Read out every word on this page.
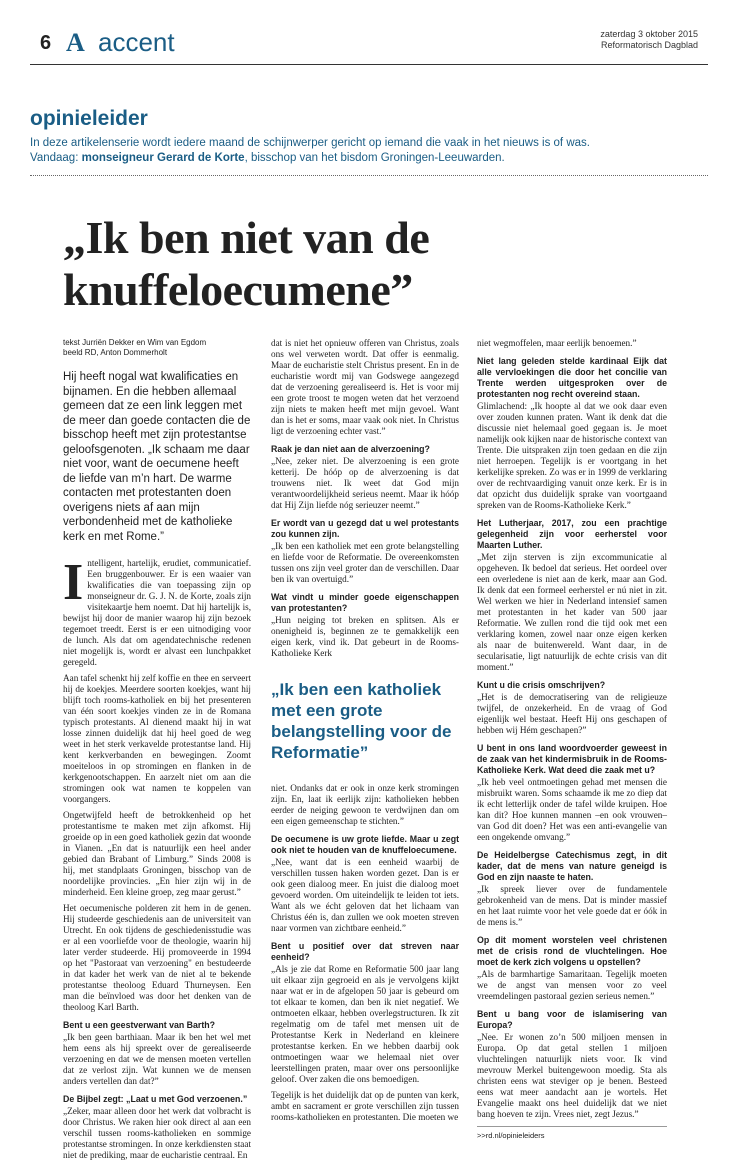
6 A accent	zaterdag 3 oktober 2015
Reformatorisch Dagblad
opinieleider
In deze artikelenserie wordt iedere maand de schijnwerper gericht op iemand die vaak in het nieuws is of was.
Vandaag: monseigneur Gerard de Korte, bisschop van het bisdom Groningen-Leeuwarden.
„Ik ben niet van de knuffeloecumene”
tekst Jurriën Dekker en Wim van Egdom
beeld RD, Anton Dommerholt
Hij heeft nogal wat kwalificaties en bijnamen. En die hebben allemaal gemeen dat ze een link leggen met de meer dan goede contacten die de bisschop heeft met zijn protestantse geloofsgenoten. „Ik schaam me daar niet voor, want de oecumene heeft de liefde van m’n hart. De warme contacten met protestanten doen overigens niets af aan mijn verbondenheid met de katholieke kerk en met Rome.”

Intelligent, hartelijk, erudiet, communicatief. Een bruggenbouwer. Er is een waaier van kwalificaties die van toepassing zijn op monseigneur dr. G. J. N. de Korte, zoals zijn visitekaartje hem noemt. Dat hij hartelijk is, bewijst hij door de manier waarop hij zijn bezoek tegemoet treedt. Eerst is er een uitnodiging voor de lunch. Als dat om agendatechnische redenen niet mogelijk is, wordt er alvast een lunchpakket geregeld.

Aan tafel schenkt hij zelf koffie en thee en serveert hij de koekjes. Meerdere soorten koekjes, want hij blijft toch rooms-katholiek en bij het presenteren van één soort koekjes vinden ze in de Romana typisch protestants. Al dienend maakt hij in wat losse zinnen duidelijk dat hij heel goed de weg weet in het sterk verkavelde protestantse land. Hij kent kerkverbanden en bewegingen. Zoomt moeiteloos in op stromingen en flanken in de kerkgenootschappen. En aarzelt niet om aan die stromingen ook wat namen te koppelen van voorgangers.

Ongetwijfeld heeft de betrokkenheid op het protestantisme te maken met zijn afkomst. Hij groeide op in een goed katholiek gezin dat woonde in Vianen. „En dat is natuurlijk een heel ander gebied dan Brabant of Limburg.” Sinds 2008 is hij, met standplaats Groningen, bisschop van de noordelijke provincies. „En hier zijn wij in de minderheid. Een kleine groep, zeg maar gerust.”

Het oecumenische polderen zit hem in de genen. Hij studeerde geschiedenis aan de universiteit van Utrecht. En ook tijdens de geschiedenisstudie was er al een voorliefde voor de theologie, waarin hij later verder studeerde. Hij promoveerde in 1994 op het "Pastoraat van verzoening" en bestudeerde in dat kader het werk van de niet al te bekende protestantse theoloog Eduard Thurneysen. Een man die beïnvloed was door het denken van de theoloog Karl Barth.

Bent u een geestverwant van Barth?

„Ik ben geen barthiaan. Maar ik ben het wel met hem eens als hij spreekt over de gerealiseerde verzoening en dat we de mensen moeten vertellen dat ze verlost zijn. Wat kunnen we de mensen anders vertellen dan dat?”

De Bijbel zegt: „Laat u met God verzoenen.”

„Zeker, maar alleen door het werk dat volbracht is door Christus. We raken hier ook direct al aan een verschil tussen rooms-katholieken en sommige protestantse stromingen. In onze kerkdiensten staat niet de prediking, maar de eucharistie centraal. En

dat is niet het opnieuw offeren van Christus, zoals ons wel verweten wordt. Dat offer is eenmalig. Maar de eucharistie stelt Christus present. En in de eucharistie wordt mij van Godswege aangezegd dat de verzoening gerealiseerd is. Het is voor mij een grote troost te mogen weten dat het verzoend zijn niets te maken heeft met mijn gevoel. Want dan is het er soms, maar vaak ook niet. In Christus ligt de verzoening echter vast.”

Raak je dan niet aan de alverzoening?

„Nee, zeker niet. De alverzoening is een grote ketterij. De hóóp op de alverzoening is dat trouwens niet. Ik weet dat God mijn verantwoordelijkheid serieus neemt. Maar ik hóóp dat Hij Zijn liefde nóg serieuzer neemt.”

Er wordt van u gezegd dat u wel protestants zou kunnen zijn.

„Ik ben een katholiek met een grote belangstelling en liefde voor de Reformatie. De overeenkomsten tussen ons zijn veel groter dan de verschillen. Daar ben ik van overtuigd.”

Wat vindt u minder goede eigenschappen van protestanten?

„Hun neiging tot breken en splitsen. Als er onenigheid is, beginnen ze te gemakkelijk een eigen kerk, vind ik. Dat gebeurt in de Rooms-Katholieke Kerk

„Ik ben een katholiek met een grote belangstelling voor de Reformatie”

niet. Ondanks dat er ook in onze kerk stromingen zijn. En, laat ik eerlijk zijn: katholieken hebben eerder de neiging gewoon te verdwijnen dan om een eigen gemeenschap te stichten.”

De oecumene is uw grote liefde. Maar u zegt ook niet te houden van de knuffeloecumene.

„Nee, want dat is een eenheid waarbij de verschillen tussen haken worden gezet. Dan is er ook geen dialoog meer. En juist die dialoog moet gevoerd worden. Om uiteindelijk te leiden tot iets. Want als we écht geloven dat het lichaam van Christus één is, dan zullen we ook moeten streven naar vormen van zichtbare eenheid.”

Bent u positief over dat streven naar eenheid?

„Als je zie dat Rome en Reformatie 500 jaar lang uit elkaar zijn gegroeid en als je vervolgens kijkt naar wat er in de afgelopen 50 jaar is gebeurd om tot elkaar te komen, dan ben ik niet negatief. We ontmoeten elkaar, hebben overlegstructuren. Ik zit regelmatig om de tafel met mensen uit de Protestantse Kerk in Nederland en kleinere protestantse kerken. En we hebben daarbij ook ontmoetingen waar we helemaal niet over leerstellingen praten, maar over ons persoonlijke geloof. Over zaken die ons bemoedigen.

Tegelijk is het duidelijk dat op de punten van kerk, ambt en sacrament er grote verschillen zijn tussen rooms-katholieken en protestanten. Die moeten we

niet wegmoffelen, maar eerlijk benoemen.”

Niet lang geleden stelde kardinaal Eijk dat alle vervloekingen die door het concilie van Trente werden uitgesproken over de protestanten nog recht overeind staan.

Glimlachend: „Ik hoopte al dat we ook daar even over zouden kunnen praten. Want ik denk dat die discussie niet helemaal goed gegaan is. Je moet namelijk ook kijken naar de historische context van Trente. Die uitspraken zijn toen gedaan en die zijn niet herroepen. Tegelijk is er voortgang in het kerkelijke spreken. Zo was er in 1999 de verklaring over de rechtvaardiging vanuit onze kerk. Er is in dat opzicht dus duidelijk sprake van voortgaand spreken van de Rooms-Katholieke Kerk.”

Het Lutherjaar, 2017, zou een prachtige gelegenheid zijn voor eerherstel voor Maarten Luther.

„Met zijn sterven is zijn excommunicatie al opgeheven. Ik bedoel dat serieus. Het oordeel over een overledene is niet aan de kerk, maar aan God. Ik denk dat een formeel eerherstel er nú niet in zit. Wel werken we hier in Nederland intensief samen met protestanten in het kader van 500 jaar Reformatie. We zullen rond die tijd ook met een verklaring komen, zowel naar onze eigen kerken als naar de buitenwereld. Want daar, in de secularisatie, ligt natuurlijk de echte crisis van dit moment.”

Kunt u die crisis omschrijven?

„Het is de democratisering van de religieuze twijfel, de onzekerheid. En de vraag of God eigenlijk wel bestaat. Heeft Hij ons geschapen of hebben wij Hém geschapen?”

U bent in ons land woordvoerder geweest in de zaak van het kindermisbruik in de Rooms-Katholieke Kerk. Wat deed die zaak met u?

„Ik heb veel ontmoetingen gehad met mensen die misbruikt waren. Soms schaamde ik me zo diep dat ik echt letterlijk onder de tafel wilde kruipen. Hoe kan dit? Hoe kunnen mannen –en ook vrouwen– van God dit doen? Het was een anti-evangelie van een ongekende omvang.”

De Heidelbergse Catechismus zegt, in dit kader, dat de mens van nature geneigd is God en zijn naaste te haten.

„Ik spreek liever over de fundamentele gebrokenheid van de mens. Dat is minder massief en het laat ruimte voor het vele goede dat er óók in de mens is.”

Op dit moment worstelen veel christenen met de crisis rond de vluchtelingen. Hoe moet de kerk zich volgens u opstellen?

„Als de barmhartige Samaritaan. Tegelijk moeten we de angst van mensen voor zo veel vreemdelingen pastoraal gezien serieus nemen.”

Bent u bang voor de islamisering van Europa?

„Nee. Er wonen zo’n 500 miljoen mensen in Europa. Op dat getal stellen 1 miljoen vluchtelingen natuurlijk niets voor. Ik vind mevrouw Merkel buitengewoon moedig. Sta als christen eens wat steviger op je benen. Besteed eens wat meer aandacht aan je wortels. Het Evangelie maakt ons heel duidelijk dat we niet bang hoeven te zijn. Vrees niet, zegt Jezus.”

>>rd.nl/opinieleiders
